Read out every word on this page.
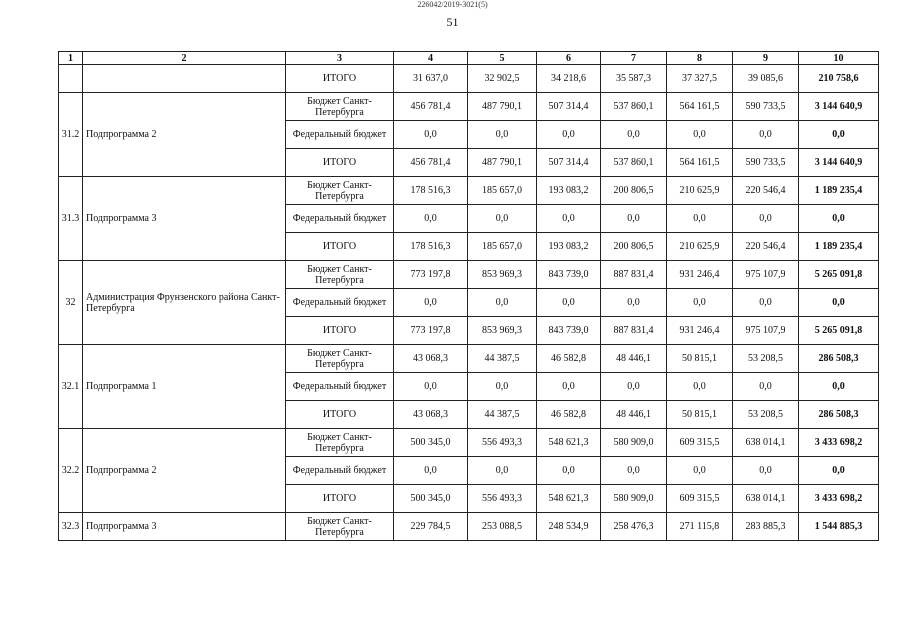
226042/2019-3021(5)
51
1	2	3	4	5	6	7	8	9	10
		ИТОГО	31 637,0	32 902,5	34 218,6	35 587,3	37 327,5	39 085,6	210 758,6
31.2	Подпрограмма 2	Бюджет Санкт-Петербурга	456 781,4	487 790,1	507 314,4	537 860,1	564 161,5	590 733,5	3 144 640,9
		Федеральный бюджет	0,0	0,0	0,0	0,0	0,0	0,0	0,0
		ИТОГО	456 781,4	487 790,1	507 314,4	537 860,1	564 161,5	590 733,5	3 144 640,9
31.3	Подпрограмма 3	Бюджет Санкт-Петербурга	178 516,3	185 657,0	193 083,2	200 806,5	210 625,9	220 546,4	1 189 235,4
		Федеральный бюджет	0,0	0,0	0,0	0,0	0,0	0,0	0,0
		ИТОГО	178 516,3	185 657,0	193 083,2	200 806,5	210 625,9	220 546,4	1 189 235,4
32	Администрация Фрунзенского района Санкт-Петербурга	Бюджет Санкт-Петербурга	773 197,8	853 969,3	843 739,0	887 831,4	931 246,4	975 107,9	5 265 091,8
		Федеральный бюджет	0,0	0,0	0,0	0,0	0,0	0,0	0,0
		ИТОГО	773 197,8	853 969,3	843 739,0	887 831,4	931 246,4	975 107,9	5 265 091,8
32.1	Подпрограмма 1	Бюджет Санкт-Петербурга	43 068,3	44 387,5	46 582,8	48 446,1	50 815,1	53 208,5	286 508,3
		Федеральный бюджет	0,0	0,0	0,0	0,0	0,0	0,0	0,0
		ИТОГО	43 068,3	44 387,5	46 582,8	48 446,1	50 815,1	53 208,5	286 508,3
32.2	Подпрограмма 2	Бюджет Санкт-Петербурга	500 345,0	556 493,3	548 621,3	580 909,0	609 315,5	638 014,1	3 433 698,2
		Федеральный бюджет	0,0	0,0	0,0	0,0	0,0	0,0	0,0
		ИТОГО	500 345,0	556 493,3	548 621,3	580 909,0	609 315,5	638 014,1	3 433 698,2
32.3	Подпрограмма 3	Бюджет Санкт-Петербурга	229 784,5	253 088,5	248 534,9	258 476,3	271 115,8	283 885,3	1 544 885,3
